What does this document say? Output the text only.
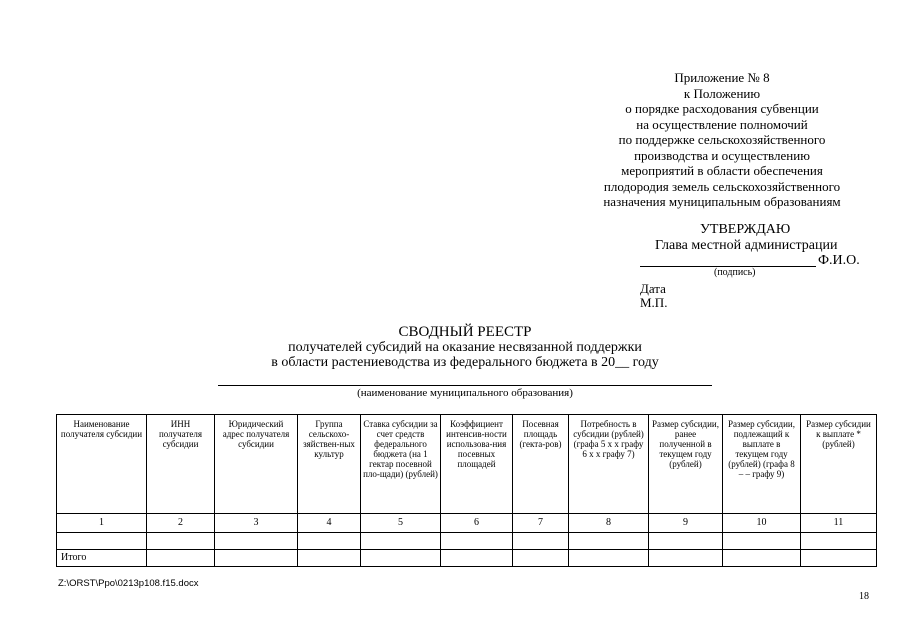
Приложение № 8
к Положению
о порядке расходования субвенции
на осуществление полномочий
по поддержке сельскохозяйственного
производства и осуществлению
мероприятий в области обеспечения
плодородия земель сельскохозяйственного
назначения муниципальным образованиям
УТВЕРЖДАЮ
Глава местной администрации
Ф.И.О.
(подпись)
Дата
М.П.
СВОДНЫЙ РЕЕСТР
получателей субсидий на оказание несвязанной поддержки
в области растениеводства из федерального бюджета в 20__ году
(наименование муниципального образования)
Наименование получателя субсидии	ИНН получателя субсидии	Юридический адрес получателя субсидии	Группа сельскохо-зяйствен-ных культур	Ставка субсидии за счет средств федерального бюджета (на 1 гектар посевной пло-щади) (рублей)	Коэффициент интенсив-ности использова-ния посевных площадей	Посевная площадь (гекта-ров)	Потребность в субсидии (рублей) (графа 5 x x графу 6 x x графу 7)	Размер субсидии, ранее полученной в текущем году (рублей)	Размер субсидии, подлежащий к выплате в текущем году (рублей) (графа 8 – – графу 9)	Размер субсидии к выплате * (рублей)
1	2	3	4	5	6	7	8	9	10	11

Итого										
Z:\ORST\Ppo\0213p108.f15.docx
18
